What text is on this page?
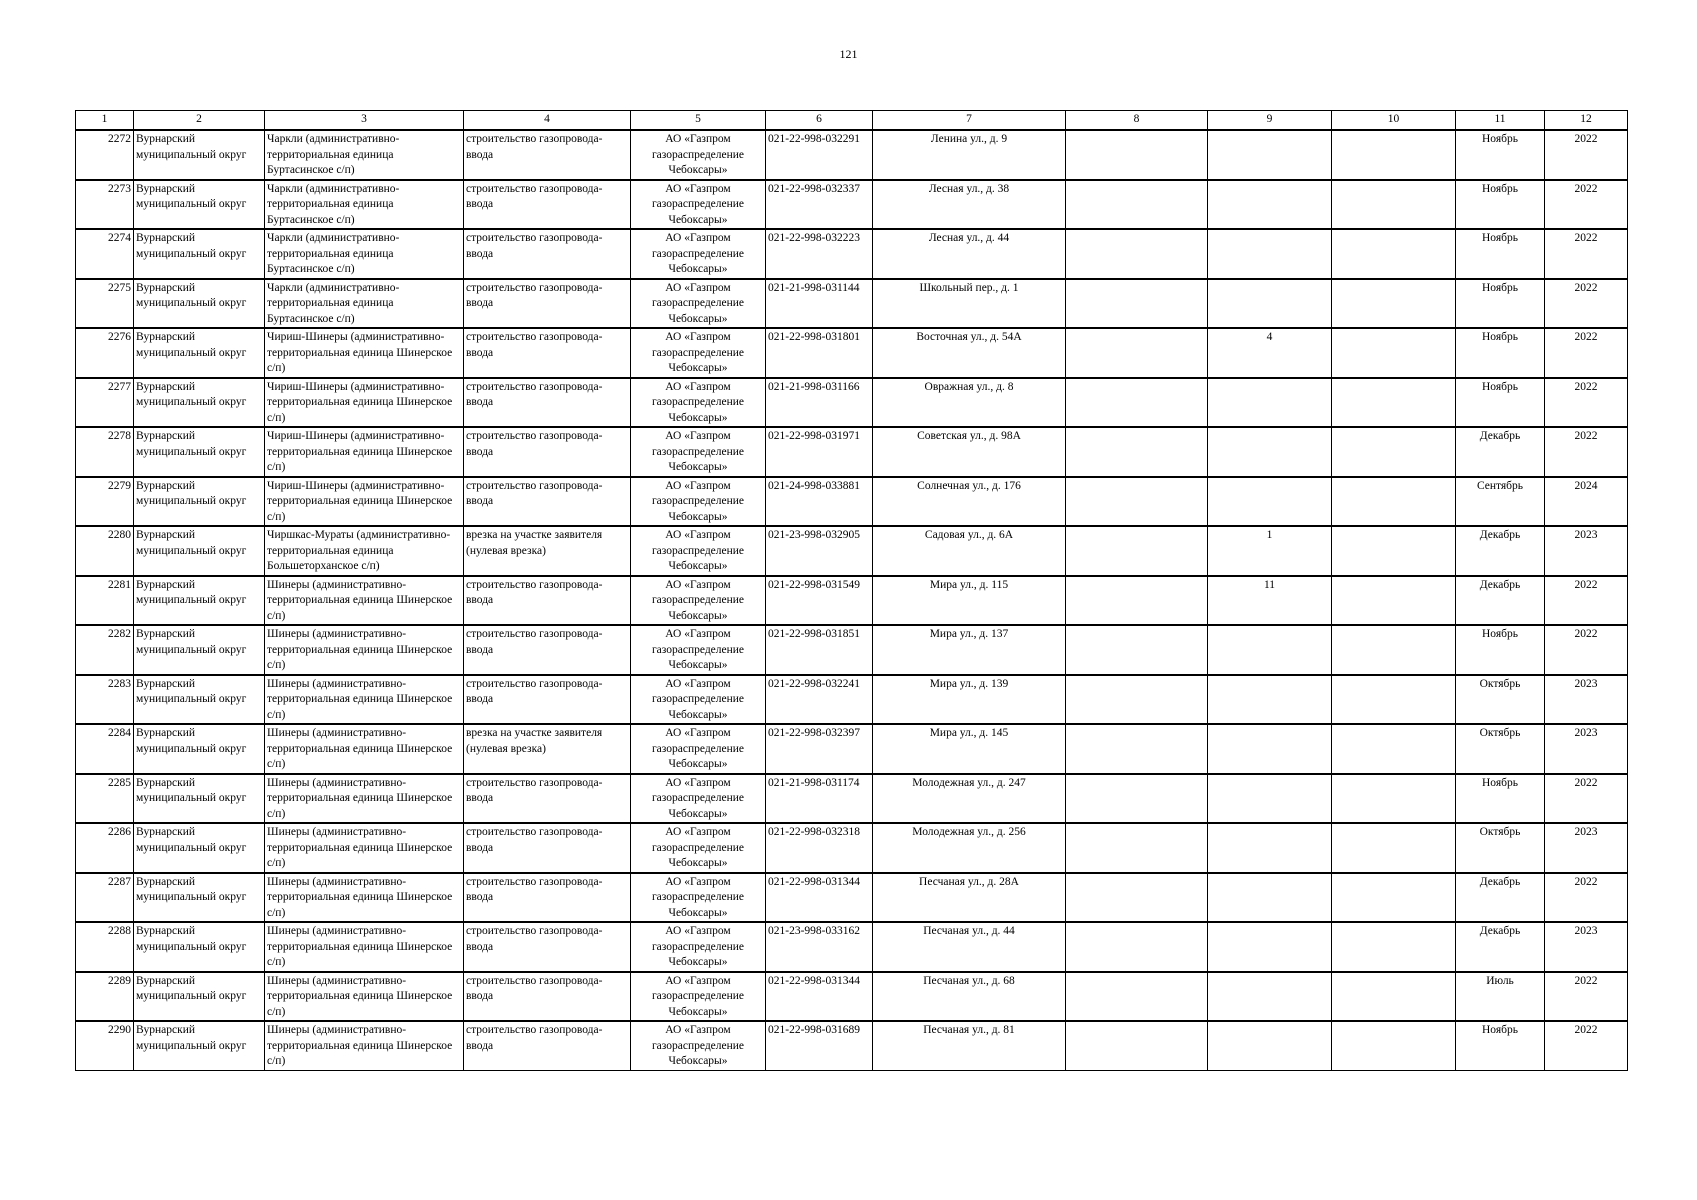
121
1	2	3	4	5	6	7	8	9	10	11	12
2272	Вурнарский муниципальный округ	Чаркли (административно-территориальная единица Буртасинское с/п)	строительство газопровода-ввода	АО «Газпром газораспределение Чебоксары»	021-22-998-032291	Ленина ул., д. 9				Ноябрь	2022
2273	Вурнарский муниципальный округ	Чаркли (административно-территориальная единица Буртасинское с/п)	строительство газопровода-ввода	АО «Газпром газораспределение Чебоксары»	021-22-998-032337	Лесная ул., д. 38				Ноябрь	2022
2274	Вурнарский муниципальный округ	Чаркли (административно-территориальная единица Буртасинское с/п)	строительство газопровода-ввода	АО «Газпром газораспределение Чебоксары»	021-22-998-032223	Лесная ул., д. 44				Ноябрь	2022
2275	Вурнарский муниципальный округ	Чаркли (административно-территориальная единица Буртасинское с/п)	строительство газопровода-ввода	АО «Газпром газораспределение Чебоксары»	021-21-998-031144	Школьный пер., д. 1				Ноябрь	2022
2276	Вурнарский муниципальный округ	Чириш-Шинеры (административно-территориальная единица Шинерское с/п)	строительство газопровода-ввода	АО «Газпром газораспределение Чебоксары»	021-22-998-031801	Восточная ул., д. 54А		4		Ноябрь	2022
2277	Вурнарский муниципальный округ	Чириш-Шинеры (административно-территориальная единица Шинерское с/п)	строительство газопровода-ввода	АО «Газпром газораспределение Чебоксары»	021-21-998-031166	Овражная ул., д. 8				Ноябрь	2022
2278	Вурнарский муниципальный округ	Чириш-Шинеры (административно-территориальная единица Шинерское с/п)	строительство газопровода-ввода	АО «Газпром газораспределение Чебоксары»	021-22-998-031971	Советская ул., д. 98А				Декабрь	2022
2279	Вурнарский муниципальный округ	Чириш-Шинеры (административно-территориальная единица Шинерское с/п)	строительство газопровода-ввода	АО «Газпром газораспределение Чебоксары»	021-24-998-033881	Солнечная ул., д. 176				Сентябрь	2024
2280	Вурнарский муниципальный округ	Чиршкас-Мураты (административно-территориальная единица Большеторханское с/п)	врезка на участке заявителя (нулевая врезка)	АО «Газпром газораспределение Чебоксары»	021-23-998-032905	Садовая ул., д. 6А		1		Декабрь	2023
2281	Вурнарский муниципальный округ	Шинеры (административно-территориальная единица Шинерское с/п)	строительство газопровода-ввода	АО «Газпром газораспределение Чебоксары»	021-22-998-031549	Мира ул., д. 115		11		Декабрь	2022
2282	Вурнарский муниципальный округ	Шинеры (административно-территориальная единица Шинерское с/п)	строительство газопровода-ввода	АО «Газпром газораспределение Чебоксары»	021-22-998-031851	Мира ул., д. 137				Ноябрь	2022
2283	Вурнарский муниципальный округ	Шинеры (административно-территориальная единица Шинерское с/п)	строительство газопровода-ввода	АО «Газпром газораспределение Чебоксары»	021-22-998-032241	Мира ул., д. 139				Октябрь	2023
2284	Вурнарский муниципальный округ	Шинеры (административно-территориальная единица Шинерское с/п)	врезка на участке заявителя (нулевая врезка)	АО «Газпром газораспределение Чебоксары»	021-22-998-032397	Мира ул., д. 145				Октябрь	2023
2285	Вурнарский муниципальный округ	Шинеры (административно-территориальная единица Шинерское с/п)	строительство газопровода-ввода	АО «Газпром газораспределение Чебоксары»	021-21-998-031174	Молодежная ул., д. 247				Ноябрь	2022
2286	Вурнарский муниципальный округ	Шинеры (административно-территориальная единица Шинерское с/п)	строительство газопровода-ввода	АО «Газпром газораспределение Чебоксары»	021-22-998-032318	Молодежная ул., д. 256				Октябрь	2023
2287	Вурнарский муниципальный округ	Шинеры (административно-территориальная единица Шинерское с/п)	строительство газопровода-ввода	АО «Газпром газораспределение Чебоксары»	021-22-998-031344	Песчаная ул., д. 28А				Декабрь	2022
2288	Вурнарский муниципальный округ	Шинеры (административно-территориальная единица Шинерское с/п)	строительство газопровода-ввода	АО «Газпром газораспределение Чебоксары»	021-23-998-033162	Песчаная ул., д. 44				Декабрь	2023
2289	Вурнарский муниципальный округ	Шинеры (административно-территориальная единица Шинерское с/п)	строительство газопровода-ввода	АО «Газпром газораспределение Чебоксары»	021-22-998-031344	Песчаная ул., д. 68				Июль	2022
2290	Вурнарский муниципальный округ	Шинеры (административно-территориальная единица Шинерское с/п)	строительство газопровода-ввода	АО «Газпром газораспределение Чебоксары»	021-22-998-031689	Песчаная ул., д. 81				Ноябрь	2022
